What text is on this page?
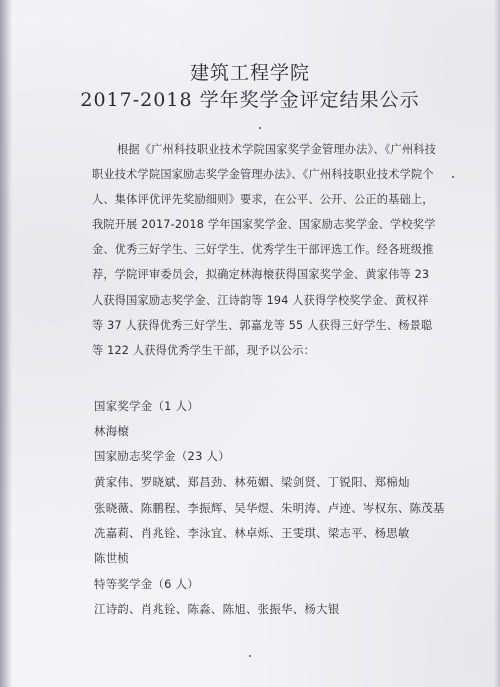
建筑工程学院
2017-2018 学年奖学金评定结果公示
根据《广州科技职业技术学院国家奖学金管理办法》、《广州科技
职业技术学院国家励志奖学金管理办法》、《广州科技职业技术学院个
人、集体评优评先奖励细则》要求，在公平、公开、公正的基础上，
我院开展 2017-2018 学年国家奖学金、国家励志奖学金、学校奖学
金、优秀三好学生、三好学生、优秀学生干部评选工作。经各班级推
荐，学院评审委员会，拟确定林海榱获得国家奖学金、黄家伟等 23
人获得国家励志奖学金、江诗韵等 194 人获得学校奖学金、黄权祥
等 37 人获得优秀三好学生、郭嘉龙等 55 人获得三好学生、杨景聪
等 122 人获得优秀学生干部，现予以公示：
国家奖学金（1 人）
林海榱
国家励志奖学金（23 人）
黄家伟、罗晓斌、郑昌劲、林苑媚、梁剑贤、丁锐阳、郑棉灿
张晓薇、陈鹏程、李振辉、吴华煜、朱明涛、卢迹、岑权东、陈茂基
冼嘉莉、肖兆铨、李泳宜、林卓烁、王雯琪、梁志平、杨思敏
陈世桢
特等奖学金（6 人）
江诗韵、肖兆铨、陈淼、陈旭、张振华、杨大银
